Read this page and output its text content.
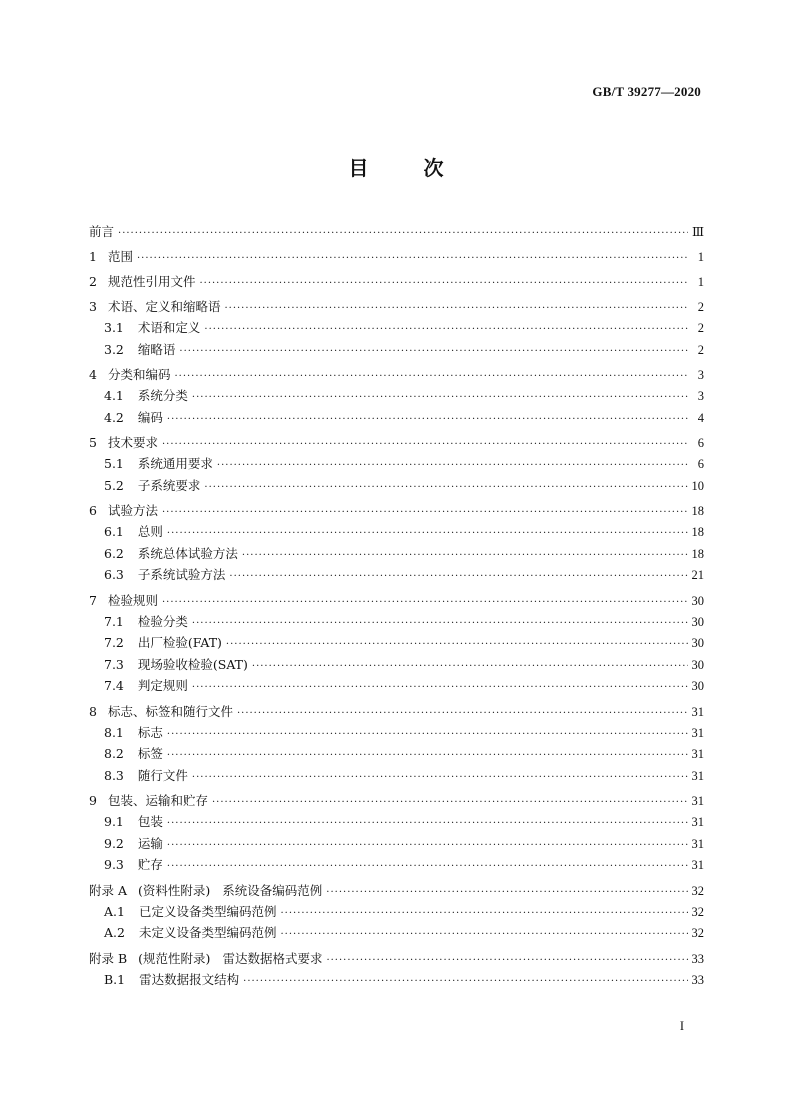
GB/T 39277—2020
目	次
前言 ·····	Ⅲ
1 范围 ·····	1
2 规范性引用文件 ·····	1
3 术语、定义和缩略语 ·····	2
3.1 术语和定义 ·····	2
3.2 缩略语 ·····	2
4 分类和编码 ·····	3
4.1 系统分类 ·····	3
4.2 编码 ·····	4
5 技术要求 ·····	6
5.1 系统通用要求 ·····	6
5.2 子系统要求 ·····	10
6 试验方法 ·····	18
6.1 总则 ·····	18
6.2 系统总体试验方法 ·····	18
6.3 子系统试验方法 ·····	21
7 检验规则 ·····	30
7.1 检验分类 ·····	30
7.2 出厂检验(FAT) ·····	30
7.3 现场验收检验(SAT) ·····	30
7.4 判定规则 ·····	30
8 标志、标签和随行文件 ·····	31
8.1 标志 ·····	31
8.2 标签 ·····	31
8.3 随行文件 ·····	31
9 包装、运输和贮存 ·····	31
9.1 包装 ·····	31
9.2 运输 ·····	31
9.3 贮存 ·····	31
附录 A (资料性附录) 系统设备编码范例 ·····	32
A.1 已定义设备类型编码范例 ·····	32
A.2 未定义设备类型编码范例 ·····	32
附录 B (规范性附录) 雷达数据格式要求 ·····	33
B.1 雷达数据报文结构 ·····	33
I
